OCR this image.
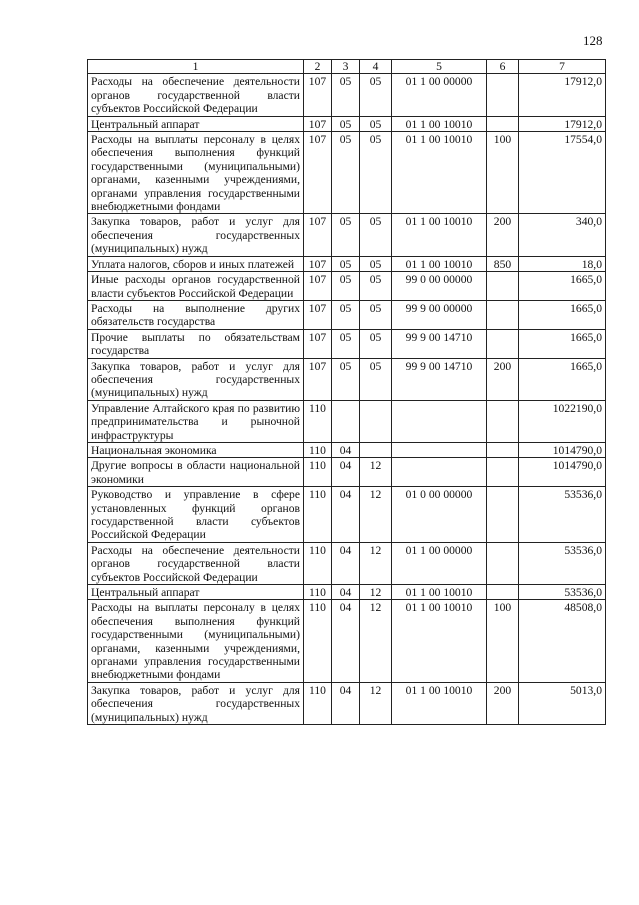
128
1	2	3	4	5	6	7
Расходы на обеспечение деятельности органов государственной власти субъектов Российской Федерации	107	05	05	01 1 00 00000		17912,0
Центральный аппарат	107	05	05	01 1 00 10010		17912,0
Расходы на выплаты персоналу в целях обеспечения выполнения функций государственными (муниципальными) органами, казенными учреждениями, органами управления государственными внебюджетными фондами	107	05	05	01 1 00 10010	100	17554,0
Закупка товаров, работ и услуг для обеспечения государственных (муниципальных) нужд	107	05	05	01 1 00 10010	200	340,0
Уплата налогов, сборов и иных платежей	107	05	05	01 1 00 10010	850	18,0
Иные расходы органов государственной власти субъектов Российской Федерации	107	05	05	99 0 00 00000		1665,0
Расходы на выполнение других обязательств государства	107	05	05	99 9 00 00000		1665,0
Прочие выплаты по обязательствам государства	107	05	05	99 9 00 14710		1665,0
Закупка товаров, работ и услуг для обеспечения государственных (муниципальных) нужд	107	05	05	99 9 00 14710	200	1665,0
Управление Алтайского края по развитию предпринимательства и рыночной инфраструктуры	110					1022190,0
Национальная экономика	110	04				1014790,0
Другие вопросы в области национальной экономики	110	04	12			1014790,0
Руководство и управление в сфере установленных функций органов государственной власти субъектов Российской Федерации	110	04	12	01 0 00 00000		53536,0
Расходы на обеспечение деятельности органов государственной власти субъектов Российской Федерации	110	04	12	01 1 00 00000		53536,0
Центральный аппарат	110	04	12	01 1 00 10010		53536,0
Расходы на выплаты персоналу в целях обеспечения выполнения функций государственными (муниципальными) органами, казенными учреждениями, органами управления государственными внебюджетными фондами	110	04	12	01 1 00 10010	100	48508,0
Закупка товаров, работ и услуг для обеспечения государственных (муниципальных) нужд	110	04	12	01 1 00 10010	200	5013,0
